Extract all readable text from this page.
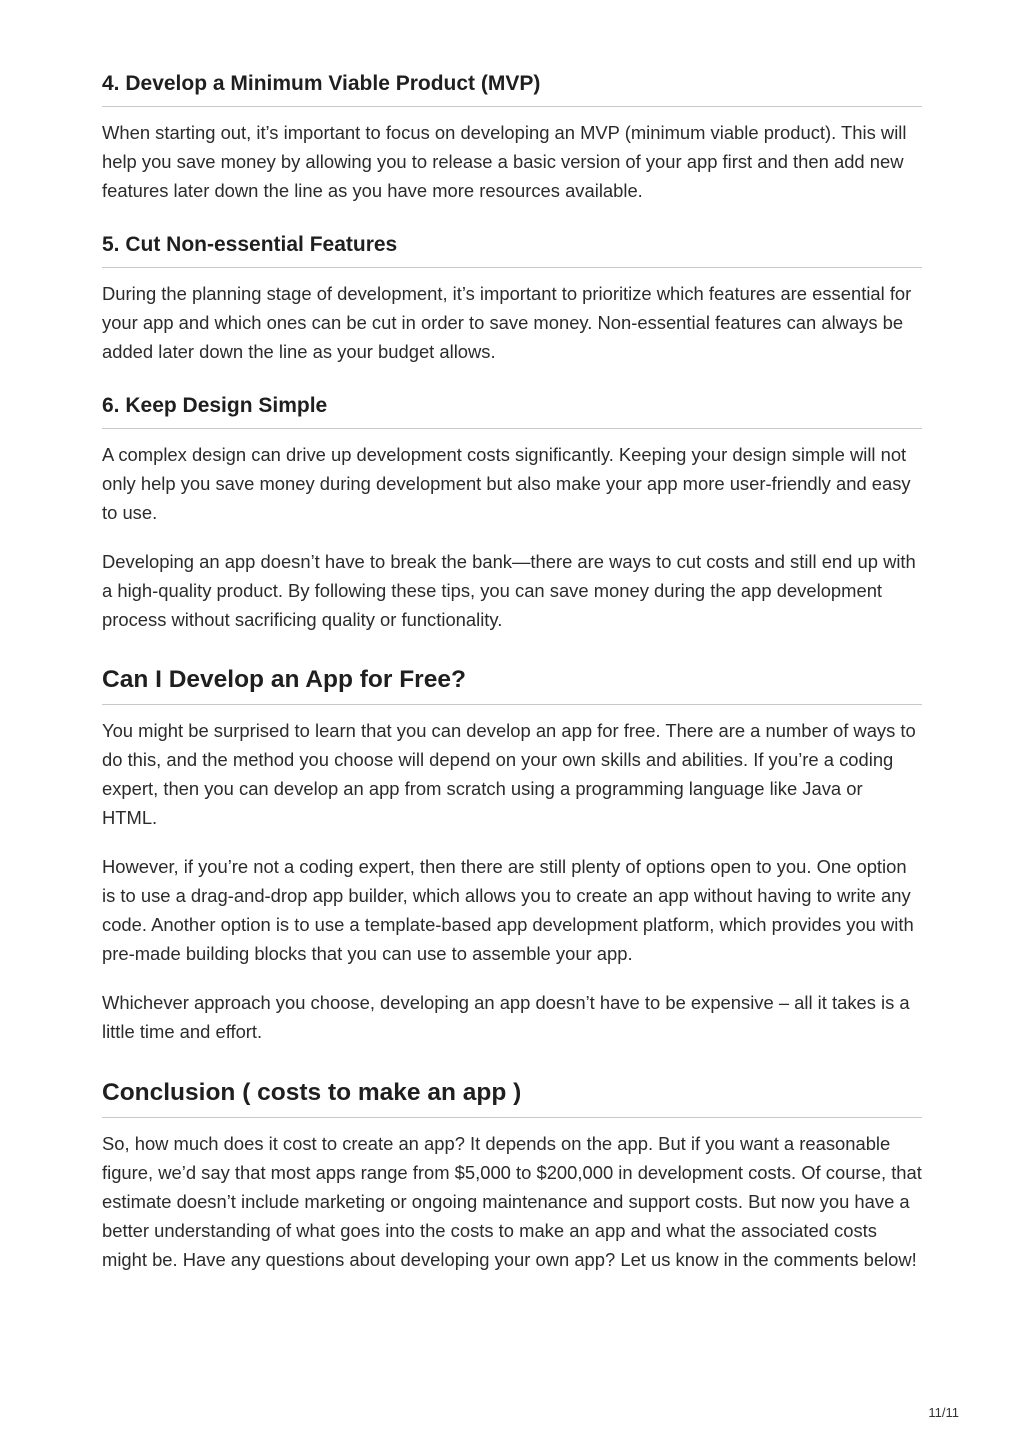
4. Develop a Minimum Viable Product (MVP)

When starting out, it’s important to focus on developing an MVP (minimum viable product). This will help you save money by allowing you to release a basic version of your app first and then add new features later down the line as you have more resources available.

5. Cut Non-essential Features

During the planning stage of development, it’s important to prioritize which features are essential for your app and which ones can be cut in order to save money. Non-essential features can always be added later down the line as your budget allows.

6. Keep Design Simple

A complex design can drive up development costs significantly. Keeping your design simple will not only help you save money during development but also make your app more user-friendly and easy to use.

Developing an app doesn’t have to break the bank—there are ways to cut costs and still end up with a high-quality product. By following these tips, you can save money during the app development process without sacrificing quality or functionality.

Can I Develop an App for Free?

You might be surprised to learn that you can develop an app for free. There are a number of ways to do this, and the method you choose will depend on your own skills and abilities. If you’re a coding expert, then you can develop an app from scratch using a programming language like Java or HTML.

However, if you’re not a coding expert, then there are still plenty of options open to you. One option is to use a drag-and-drop app builder, which allows you to create an app without having to write any code. Another option is to use a template-based app development platform, which provides you with pre-made building blocks that you can use to assemble your app.

Whichever approach you choose, developing an app doesn’t have to be expensive – all it takes is a little time and effort.

Conclusion ( costs to make an app )

So, how much does it cost to create an app? It depends on the app. But if you want a reasonable figure, we’d say that most apps range from $5,000 to $200,000 in development costs. Of course, that estimate doesn’t include marketing or ongoing maintenance and support costs. But now you have a better understanding of what goes into the costs to make an app and what the associated costs might be. Have any questions about developing your own app? Let us know in the comments below!

11/11
